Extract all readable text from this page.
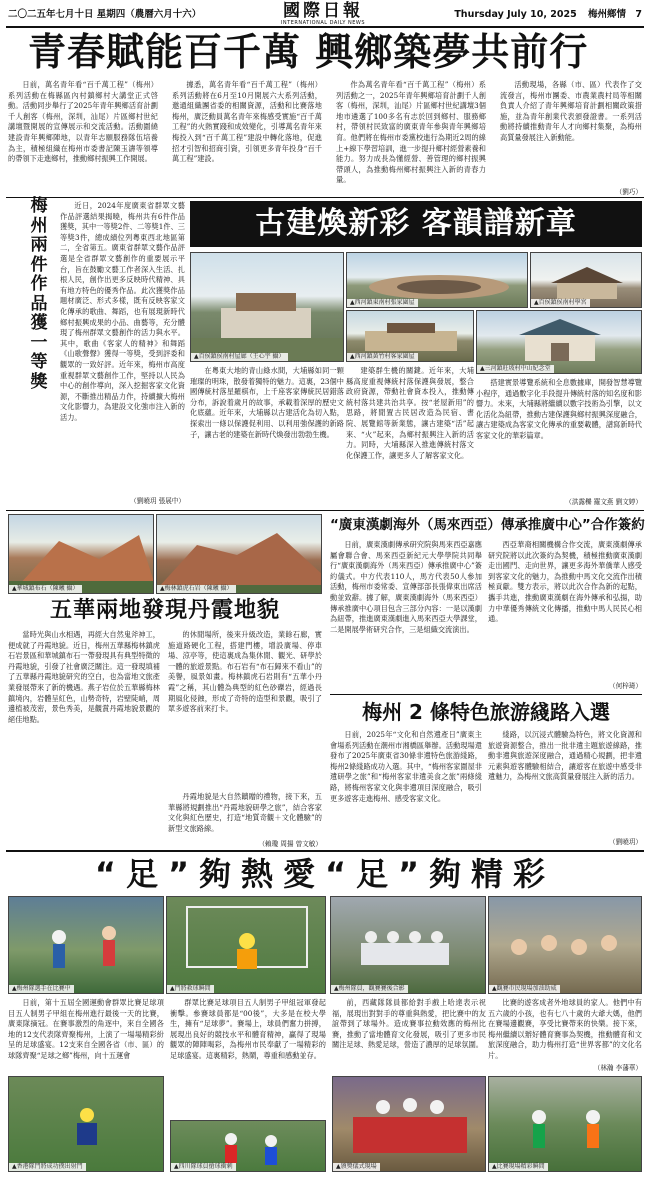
二〇二五年七月十日 星期四（農曆六月十六）	國際日報
INTERNATIONAL DAILY NEWS
Thursday July 10, 2025 梅州鄉情 7
青春賦能百千萬 興鄉築夢共前行

日前，萬名青年看“百千萬工程”（梅州）系列活動在梅縣區內村鎮鄉村大講堂正式啓動。活動同步舉行了2025年青年興鄉活育計劃千人創客（梅州，深圳，汕尾）片區鄉村世紀講壇暨開展的宣傳展示和交流活動。活動圍繞建設青年興鄉陣地，以青年志願服務隊伍培養為主，積極組織在梅州市委書記陳玉濤等領導的帶領下走進鄉村，推動鄉村振興工作開展。

據悉，萬名青年看“百千萬工程”（梅州）系列活動將在6月至10月開展六大系列活動，邀通組織團省委的相關資源，活動和比賽落地梅州，廣泛動員萬名青年來梅感受實施“百千萬工程”的火熱實踐和成效變化，引導萬名青年來梅投入到“百千萬工程”建設中轉化落地，促進招才引智和招商引資，引領更多青年投身“百千萬工程”建設。

作為萬名青年看“百千萬工程”（梅州）系列活動之一，2025年青年興鄉培育計劃千人創客（梅州，深圳，汕尾）片區鄉村世紀講壇3個地市遴選了100多名有志於回到鄉村、服務鄉村，帶領村民致富的廣東青年參與青年興鄉培育。他們將在梅州市委黨校進行為期近2周的線上+線下學習培訓，進一步提升鄉村經營素養和能力。努力成長為懂經營、善管理的鄉村振興帶頭人，為推動梅州鄉村振興注入新的青春力量。

活動現場，各縣（市、區）代表作了交流發言，梅州市團委、市農業農村局等相關負責人介紹了青年興鄉培育計劃相關政策措施，並為青年創業代表頒發證書。一系列活動將持續推動青年人才向鄉村集聚，為梅州高質量發展注入新動能。

（劉巧）
梅州兩件作品獲一等獎

近日，2024年度廣東省群眾文藝作品評選結果揭曉，梅州共有6件作品獲獎，其中一等獎2件、二等獎1件、三等獎3件，總成績位列粵東西北地區第二，全省第五。廣東省群眾文藝作品評選是全省群眾文藝創作的重要展示平台，旨在鼓勵文藝工作者深入生活、扎根人民，創作出更多反映時代精神、具有地方特色的優秀作品。此次獲獎作品題材廣泛、形式多樣，既有反映客家文化傳承的歌曲、舞蹈，也有展現新時代鄉村振興成果的小品、曲藝等，充分體現了梅州群眾文藝創作的活力與水平。其中，歌曲《客家人的精神》和舞蹈《山歌聲聲》獲得一等獎，受到評委和觀眾的一致好評。近年來，梅州市高度重視群眾文藝創作工作，堅持以人民為中心的創作導向，深入挖掘客家文化資源，不斷推出精品力作，持續擴大梅州文化影響力，為建設文化強市注入新的活力。

（劉曉玥 張展中）
古建煥新彩 客韻譜新章
▲百侯鎮侯南村屋廊（王心宇 攝）
▲西河鎮東南村張家圍屋	▲百侯鎮侯南村學宮
▲西河鎮黃竹村客家圍屋
▲三河鎮旺坡村中山紀念堂

在粵東大地的青山綠水間，大埔縣如同一顆璀璨的明珠，散發着獨特的魅力。這裏，23個中國傳統村落星羅棋布，上千座客家傳統民居錯落分布，訴說着歲月的故事，承載着深厚的歷史文化底蘊。近年來，大埔縣以古建活化為切入點，探索出一條以保護促利用、以利用強保護的新路子，讓古老的建築在新時代煥發出勃勃生機。

建築群生機的關鍵。近年來，大埔縣高度重視傳統村落保護與發展，整合政府資源，帶動社會資本投入，推動傳統村落共建共治共享。按“老屋新用”的思路，將閒置古民居改造為民宿、書院、展覽館等新業態，讓古建築“活”起來、“火”起來，為鄉村振興注入新的活力。同時，大埔縣深入推進傳統村落文化保護工作，讓更多人了解客家文化。

搭建實景導覽系統和全息數據庫，開發智慧導覽小程序，通過數字化手段提升傳統村落的知名度和影響力。未來，大埔縣將繼續以數字技術為引擎，以文化活化為紐帶，推動古建保護與鄉村振興深度融合，讓古建築成為客家文化傳承的重要載體，譜寫新時代客家文化的華彩篇章。

（洪露櫟 羅文燕 劉文婷）
▲華城鎮布石（陳曦 攝）	▲梅林鎮虎石岩（陳曦 攝）
五華兩地發現丹霞地貌

當時光與山水相遇，再經大自然鬼斧神工，便成就了丹霞地貌。近日，梅州五華縣梅林鎮虎石岩景區和華城鎮布石一帶發現具有典型特徵的丹霞地貌，引發了社會廣泛關注。這一發現填補了五華縣丹霞地貌研究的空白，也為當地文旅產業發展帶來了新的機遇。燕子岩位於五華縣梅林鎮境內，岩體呈紅色，山勢奇特，岩壁陡峭，周邊植被茂密，景色秀美，是觀賞丹霞地貌景觀的絕佳地點。

的休閒場所，後來升級改造，業餘石廊，實施道路硬化工程，搭建門樓，增設廣場、停車場、涼亭等，使這裏成為集休閒、觀光、研學於一體的旅遊景點。布石岩有“布石歸來不看山”的美譽，風景如畫。梅林鎮虎石岩則有“五華小丹霞”之稱，其山體為典型的紅色砂礫岩，經過長期風化侵蝕，形成了奇特的造型和景觀，吸引了眾多遊客前來打卡。

丹霞地貌是大自然饋贈的禮物，接下來，五華縣將規劃推出“丹霞地貌研學之旅”，結合客家文化與紅色歷史，打造“地質奇觀＋文化體驗”的新型文旅路線。

（賴瓊 周揚 曾文敏）
“廣東漢劇海外（馬來西亞）傳承推廣中心”合作簽約

日前，廣東漢劇傳承研究院與馬來西亞嘉應屬會聯合會、馬來西亞新紀元大學學院共同舉行“廣東漢劇海外（馬來西亞）傳承推廣中心”簽約儀式。中方代表110人，馬方代表50人參加活動，梅州市委常委、宣傳部部長張偉東出席活動並致辭。據了解，廣東漢劇海外（馬來西亞）傳承推廣中心項目包含三部分內容：一是以漢劇為紐帶，推進廣東漢劇進入馬來西亞大學課堂，二是開展學術研究合作，三是組織交流演出。

西亞華裔相關機構合作交流，廣東漢劇傳承研究院將以此次簽約為契機，積極推動廣東漢劇走出國門、走向世界，讓更多海外華僑華人感受到客家文化的魅力，為推動中馬文化交流作出積極貢獻。雙方表示，將以此次合作為新的起點，攜手共進，推動廣東漢劇在海外傳承和弘揚，助力中華優秀傳統文化傳播，推動中馬人民民心相通。

（何梓琦）
梅州 2 條特色旅游綫路入選

日前，2025年“文化和自然遺產日”廣東主會場系列活動在潮州市湘橋區舉辦。活動現場還發布了2025年廣東省30條非遺特色旅游綫路，梅州2條綫路成功入選。其中，“梅州客家圍屋非遺研學之旅”和“梅州客家非遺美食之旅”兩條綫路，將梅州客家文化與非遺項目深度融合，吸引更多遊客走進梅州、感受客家文化。

綫路，以沉浸式體驗為特色，將文化資源和旅遊資源整合，推出一批非遺主題旅遊線路，推動非遺與旅遊深度融合，通過精心規劃，把非遺元素與遊客體驗相結合，讓遊客在旅遊中感受非遺魅力，為梅州文旅高質量發展注入新的活力。

（劉曉玥）
“足”夠熱愛“足”夠精彩
▲梅州隊選手在比賽中	▲門將救球瞬間	▲梅州隊員，觀賽賽後合影	▲觀賽市民現場加油助威

日前，第十五屆全國運動會群眾比賽足球項目五人制男子甲組在梅州進行最後一天的比賽，廣東隊摘冠。在賽事激烈的角逐中，來自全國各地的12支代表隊齊聚梅州，上演了一場場精彩紛呈的足球盛宴。12支來自全國各省（市、區）的球隊齊聚“足球之鄉”梅州，向十五運會

群眾比賽足球項目五人制男子甲組冠軍發起衝擊。參賽球員都是“00後”，大多是在校大學生，擁有“足球夢”。賽場上，球員們奮力拼搏，展現出良好的競技水平和體育精神，贏得了現場觀眾的陣陣喝彩，為梅州市民奉獻了一場精彩的足球盛宴。這裏精彩，熱鬧，尊重和感動並存。

前，西藏隊隊員都給對手戲上哈達表示祝福，展現出對對手的尊重與熱愛，把比賽中的友誼帶到了球場外。造成賽事拉動效應的梅州比賽，推動了當地體育文化發展，吸引了更多市民關注足球、熱愛足球，營造了濃厚的足球氛圍。

比賽的遊客成者外地球員的家人。他們中有五六歲的小孩，也有七八十歲的大爺大媽，他們在賽場邊觀賽，享受比賽帶來的快樂。接下來，梅州繼續以辦好體育賽事為契機，推動體育和文旅深度融合，助力梅州打造“世界客都”的文化名片。

（林瀚 李藩華）
▲香港隊門將成功撲出射門	▲四川隊球員搶球衝刺	▲頒獎儀式現場	▲比賽現場精彩瞬間
